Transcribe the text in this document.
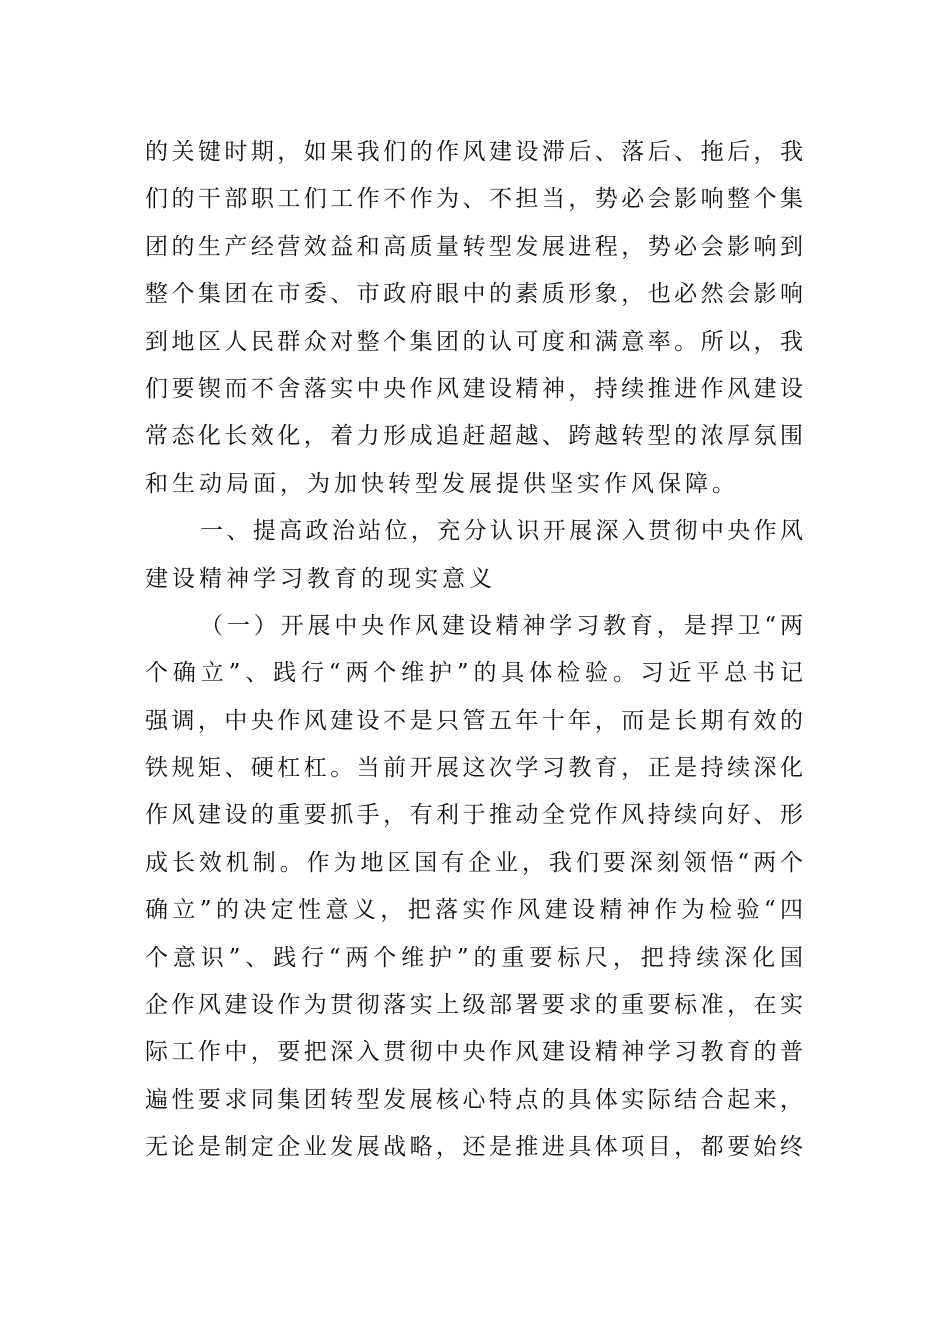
的关键时期，如果我们的作风建设滞后、落后、拖后，我
们的干部职工们工作不作为、不担当，势必会影响整个集
团的生产经营效益和高质量转型发展进程，势必会影响到
整个集团在市委、市政府眼中的素质形象，也必然会影响
到地区人民群众对整个集团的认可度和满意率。所以，我
们要锲而不舍落实中央作风建设精神，持续推进作风建设
常态化长效化，着力形成追赶超越、跨越转型的浓厚氛围
和生动局面，为加快转型发展提供坚实作风保障。
一、提高政治站位，充分认识开展深入贯彻中央作风
建设精神学习教育的现实意义
（一）开展中央作风建设精神学习教育，是捍卫“两
个确立”、践行“两个维护”的具体检验。习近平总书记
强调，中央作风建设不是只管五年十年，而是长期有效的
铁规矩、硬杠杠。当前开展这次学习教育，正是持续深化
作风建设的重要抓手，有利于推动全党作风持续向好、形
成长效机制。作为地区国有企业，我们要深刻领悟“两个
确立”的决定性意义，把落实作风建设精神作为检验“四
个意识”、践行“两个维护”的重要标尺，把持续深化国
企作风建设作为贯彻落实上级部署要求的重要标准，在实
际工作中，要把深入贯彻中央作风建设精神学习教育的普
遍性要求同集团转型发展核心特点的具体实际结合起来，
无论是制定企业发展战略，还是推进具体项目，都要始终
